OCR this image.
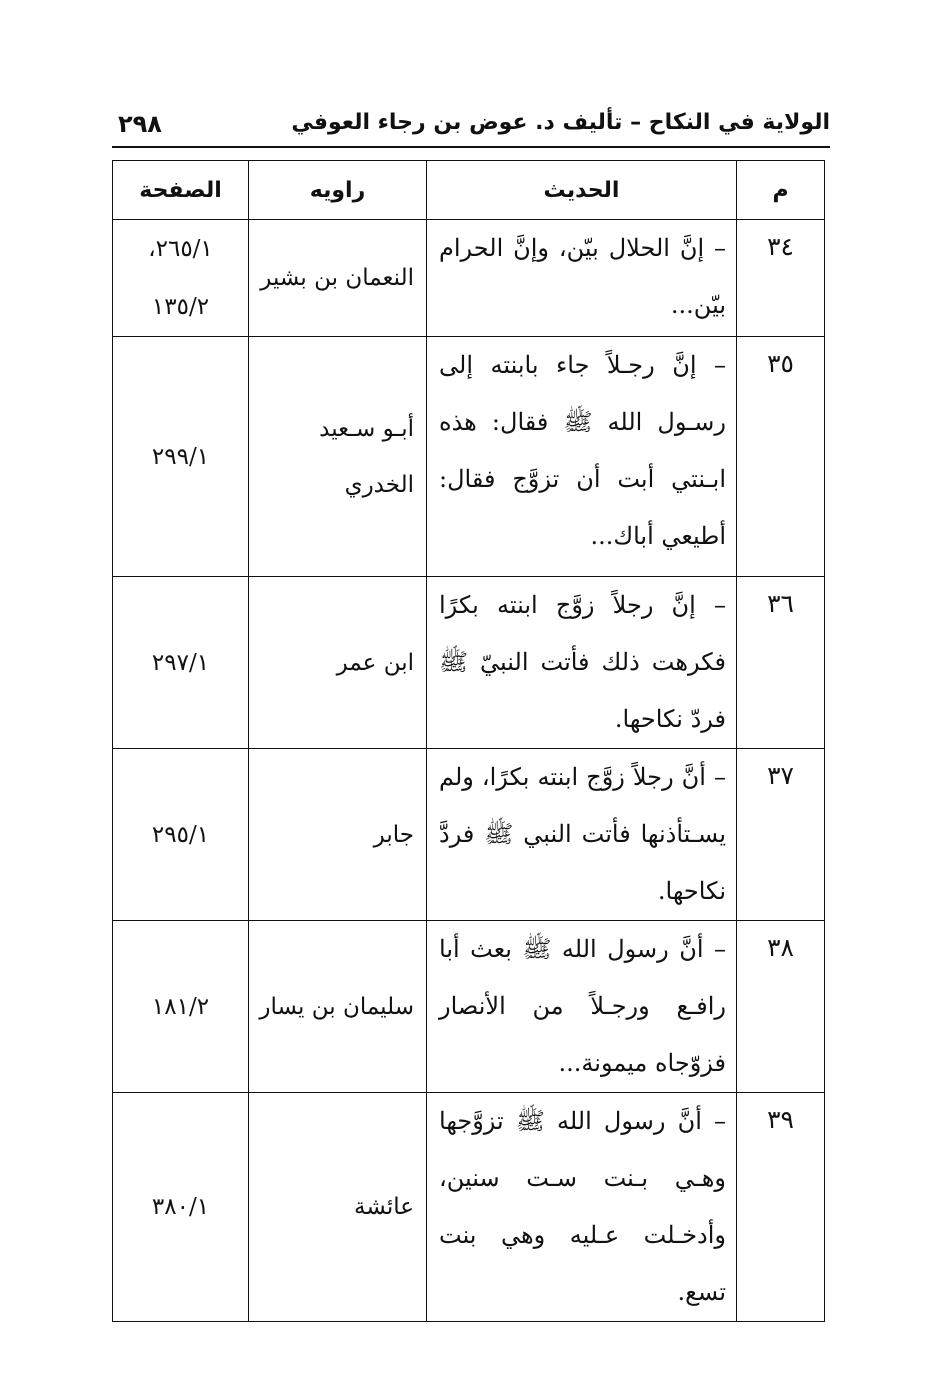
الولاية في النكاح – تأليف د. عوض بن رجاء العوفي
٢٩٨
م	الحديث	راويه	الصفحة
٣٤	– إنَّ الحلال بيّن، وإنَّ الحرام بيّن...	النعمان بن بشير	٢٦٥/١، ١٣٥/٢
٣٥	– إنَّ رجـلاً جاء بابنته إلى رسـول الله ﷺ فقال: هذه ابـنتي أبت أن تزوَّج فقال: أطيعي أباك...	أبـو سـعيد الخدري	٢٩٩/١
٣٦	– إنَّ رجلاً زوَّج ابنته بكرًا فكرهت ذلك فأتت النبيّ ﷺ فردّ نكاحها.	ابن عمر	٢٩٧/١
٣٧	– أنَّ رجلاً زوَّج ابنته بكرًا، ولم يسـتأذنها فأتت النبي ﷺ فردَّ نكاحها.	جابر	٢٩٥/١
٣٨	– أنَّ رسول الله ﷺ بعث أبا رافـع ورجـلاً من الأنصار فزوّجاه ميمونة...	سليمان بن يسار	١٨١/٢
٣٩	– أنَّ رسول الله ﷺ تزوَّجها وهـي بـنت سـت سنين، وأدخـلت عـليه وهي بنت تسع.	عائشة	٣٨٠/١
